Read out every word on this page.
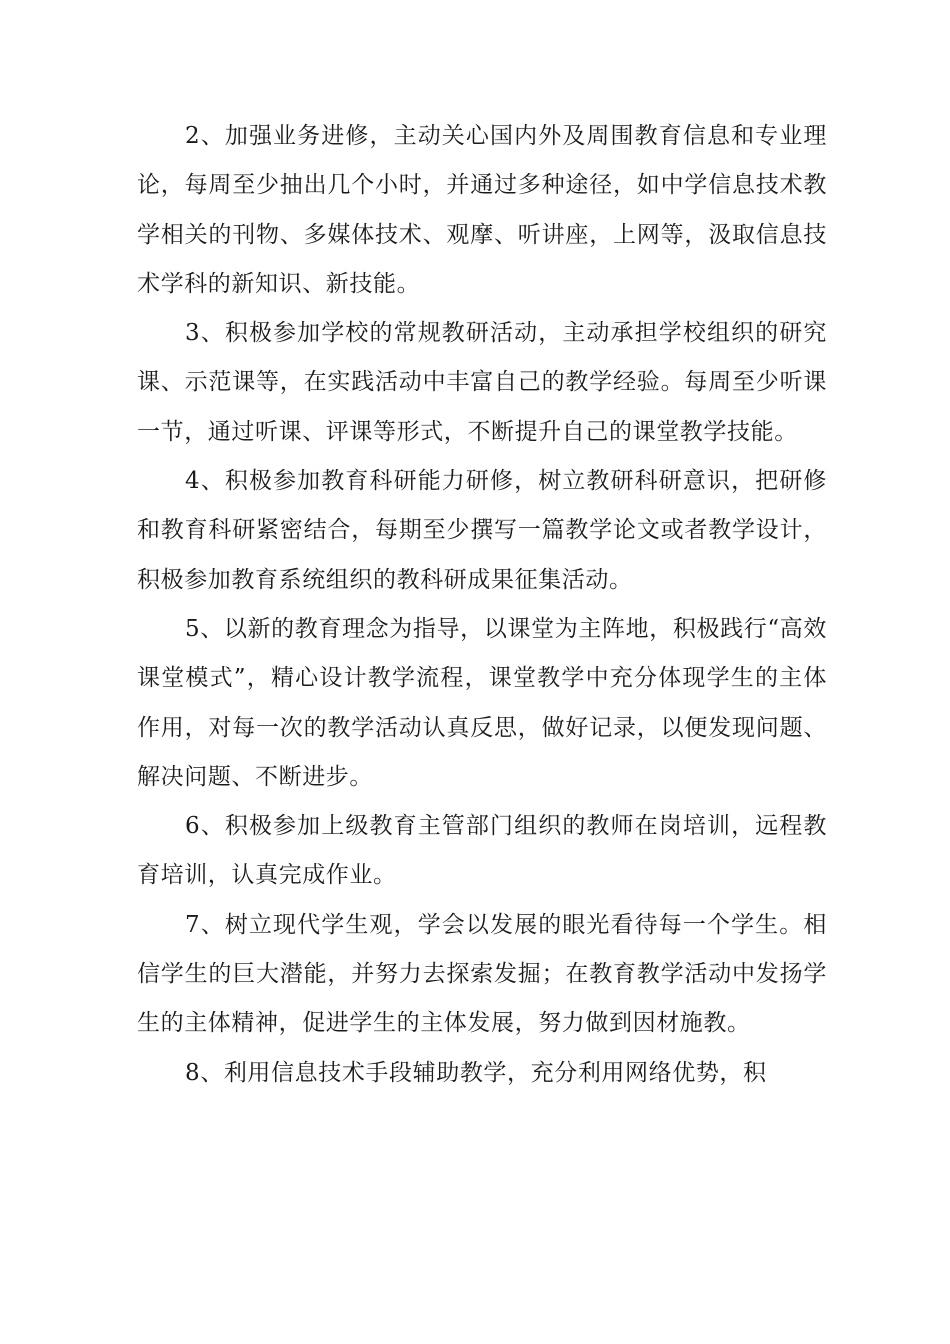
2、加强业务进修，主动关心国内外及周围教育信息和专业理论，每周至少抽出几个小时，并通过多种途径，如中学信息技术教学相关的刊物、多媒体技术、观摩、听讲座，上网等，汲取信息技术学科的新知识、新技能。

3、积极参加学校的常规教研活动，主动承担学校组织的研究课、示范课等，在实践活动中丰富自己的教学经验。每周至少听课一节，通过听课、评课等形式，不断提升自己的课堂教学技能。

4、积极参加教育科研能力研修，树立教研科研意识，把研修和教育科研紧密结合，每期至少撰写一篇教学论文或者教学设计，积极参加教育系统组织的教科研成果征集活动。

5、以新的教育理念为指导，以课堂为主阵地，积极践行“高效课堂模式”，精心设计教学流程，课堂教学中充分体现学生的主体作用，对每一次的教学活动认真反思，做好记录，以便发现问题、解决问题、不断进步。

6、积极参加上级教育主管部门组织的教师在岗培训，远程教育培训，认真完成作业。

7、树立现代学生观，学会以发展的眼光看待每一个学生。相信学生的巨大潜能，并努力去探索发掘；在教育教学活动中发扬学生的主体精神，促进学生的主体发展，努力做到因材施教。

8、利用信息技术手段辅助教学，充分利用网络优势，积
